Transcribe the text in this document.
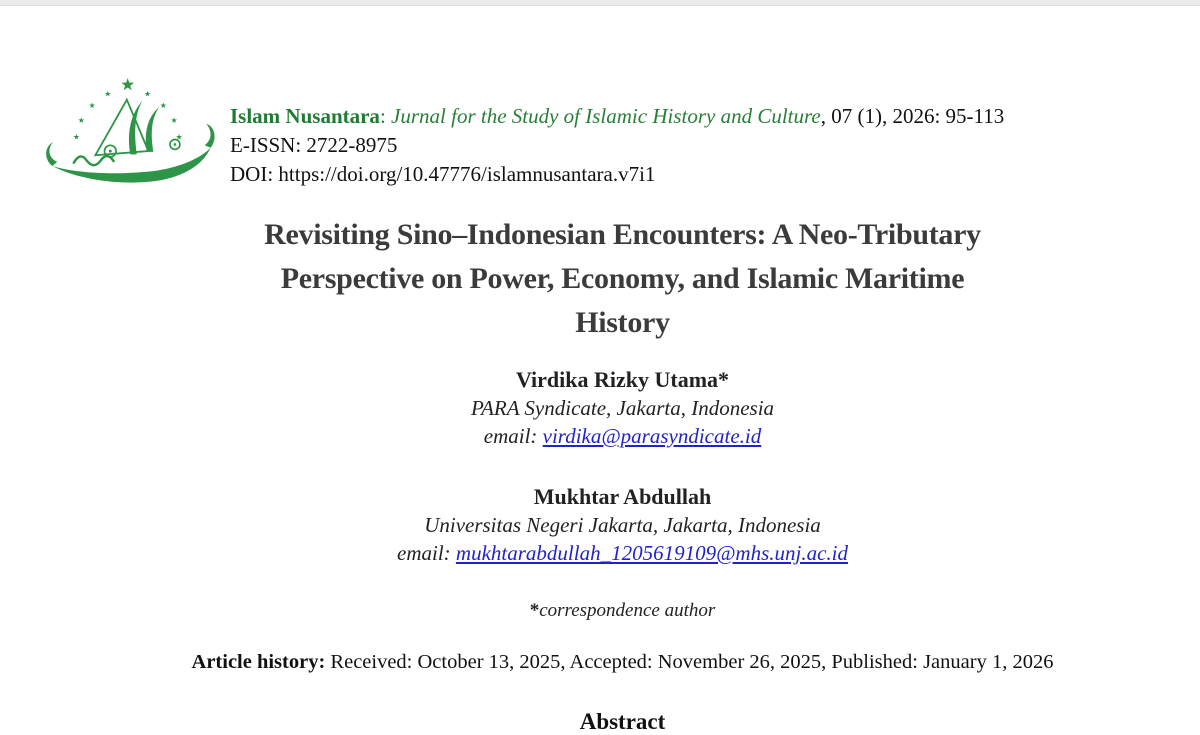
Islam Nusantara: Jurnal for the Study of Islamic History and Culture, 07 (1), 2026: 95-113
E-ISSN: 2722-8975
DOI: https://doi.org/10.47776/islamnusantara.v7i1
Revisiting Sino–Indonesian Encounters: A Neo-Tributary
Perspective on Power, Economy, and Islamic Maritime
History
Virdika Rizky Utama*
PARA Syndicate, Jakarta, Indonesia
email: virdika@parasyndicate.id
Mukhtar Abdullah
Universitas Negeri Jakarta, Jakarta, Indonesia
email: mukhtarabdullah_1205619109@mhs.unj.ac.id
*correspondence author
Article history: Received: October 13, 2025, Accepted: November 26, 2025, Published: January 1, 2026
Abstract
